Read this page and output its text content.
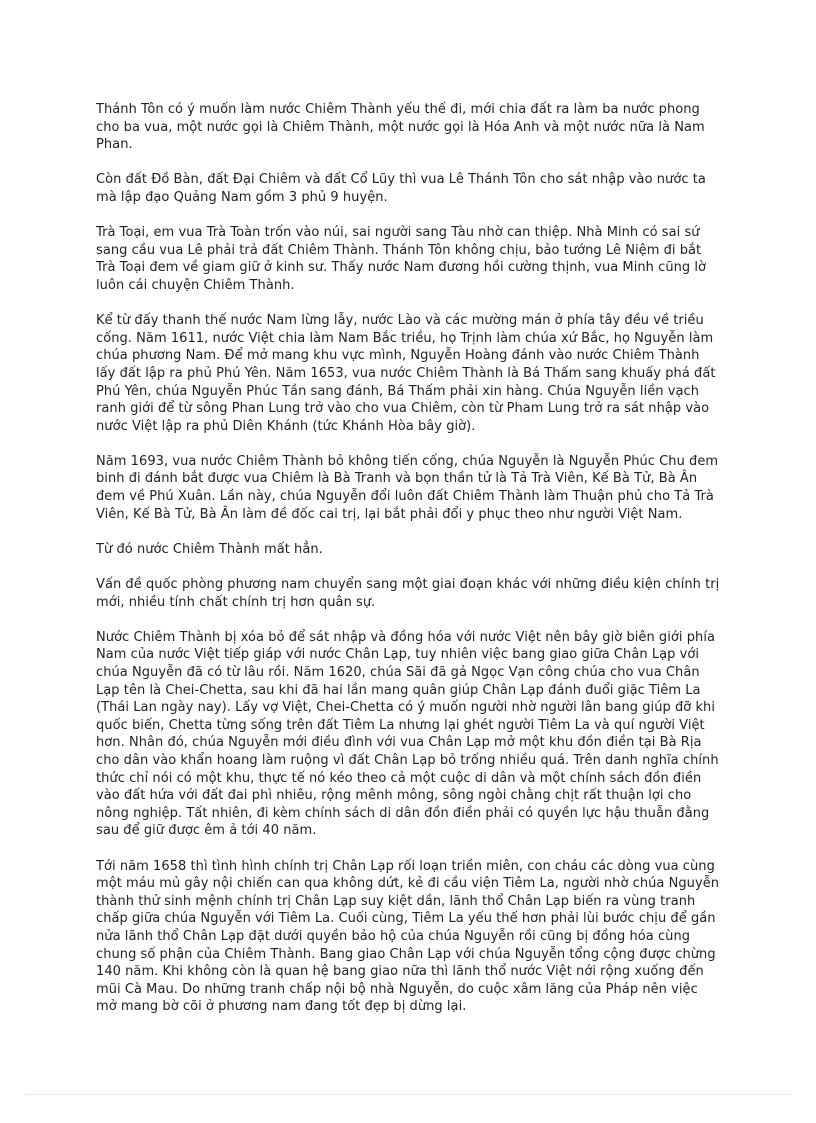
Thánh Tôn có ý muốn làm nước Chiêm Thành yếu thế đi, mới chia đất ra làm ba nước phong cho ba vua, một nước gọi là Chiêm Thành, một nước gọi là Hóa Anh và một nước nữa là Nam Phan.

Còn đất Đồ Bàn, đất Đại Chiêm và đất Cổ Lũy thì vua Lê Thánh Tôn cho sát nhập vào nước ta mà lập đạo Quảng Nam gồm 3 phủ 9 huyện.

Trà Toại, em vua Trà Toàn trốn vào núi, sai người sang Tàu nhờ can thiệp. Nhà Minh có sai sứ sang cầu vua Lê phải trả đất Chiêm Thành. Thánh Tôn không chịu, bảo tướng Lê Niệm đi bắt Trà Toại đem về giam giữ ở kinh sư. Thấy nước Nam đương hồi cường thịnh, vua Minh cũng lờ luôn cái chuyện Chiêm Thành.

Kể từ đấy thanh thế nước Nam lừng lẫy, nước Lào và các mường mán ở phía tây đều về triều cống. Năm 1611, nước Việt chia làm Nam Bắc triều, họ Trịnh làm chúa xứ Bắc, họ Nguyễn làm chúa phương Nam. Để mở mang khu vực mình, Nguyễn Hoàng đánh vào nước Chiêm Thành lấy đất lập ra phủ Phú Yên. Năm 1653, vua nước Chiêm Thành là Bá Thấm sang khuấy phá đất Phú Yên, chúa Nguyễn Phúc Tần sang đánh, Bá Thấm phải xin hàng. Chúa Nguyễn liền vạch ranh giới để từ sông Phan Lung trở vào cho vua Chiêm, còn từ Pham Lung trở ra sát nhập vào nước Việt lập ra phủ Diên Khánh (tức Khánh Hòa bây giờ).

Năm 1693, vua nước Chiêm Thành bỏ không tiến cống, chúa Nguyễn là Nguyễn Phúc Chu đem binh đi đánh bắt được vua Chiêm là Bà Tranh và bọn thần tử là Tả Trà Viên, Kế Bà Tử, Bà Ân đem về Phú Xuân. Lần này, chúa Nguyễn đổi luôn đất Chiêm Thành làm Thuận phủ cho Tả Trà Viên, Kế Bà Tử, Bà Ân làm đề đốc cai trị, lại bắt phải đổi y phục theo như người Việt Nam.

Từ đó nước Chiêm Thành mất hẳn.

Vấn đề quốc phòng phương nam chuyển sang một giai đoạn khác với những điều kiện chính trị mới, nhiều tính chất chính trị hơn quân sự.

Nước Chiêm Thành bị xóa bỏ để sát nhập và đồng hóa với nước Việt nên bây giờ biên giới phía Nam của nước Việt tiếp giáp với nước Chân Lạp, tuy nhiên việc bang giao giữa Chân Lạp với chúa Nguyễn đã có từ lâu rồi. Năm 1620, chúa Sãi đã gả Ngọc Vạn công chúa cho vua Chân Lạp tên là Chei-Chetta, sau khi đã hai lần mang quân giúp Chân Lạp đánh đuổi giặc Tiêm La (Thái Lan ngày nay). Lấy vợ Việt, Chei-Chetta có ý muốn người nhờ người lân bang giúp đỡ khi quốc biến, Chetta từng sống trên đất Tiêm La nhưng lại ghét người Tiêm La và quí người Việt hơn. Nhân đó, chúa Nguyễn mới điều đình với vua Chân Lạp mở một khu đồn điền tại Bà Rịa cho dân vào khẩn hoang làm ruộng vì đất Chân Lạp bỏ trống nhiều quá. Trên danh nghĩa chính thức chỉ nói có một khu, thực tế nó kéo theo cả một cuộc di dân và một chính sách đồn điền vào đất hứa với đất đai phì nhiêu, rộng mênh mông, sông ngòi chằng chịt rất thuận lợi cho nông nghiệp. Tất nhiên, đi kèm chính sách di dân đồn điền phải có quyền lực hậu thuẫn đằng sau để giữ được êm ả tới 40 năm.

Tới năm 1658 thì tình hình chính trị Chân Lạp rối loạn triền miên, con cháu các dòng vua cùng một máu mủ gây nội chiến can qua không dứt, kẻ đi cầu viện Tiêm La, người nhờ chúa Nguyễn thành thử sinh mệnh chính trị Chân Lạp suy kiệt dần, lãnh thổ Chân Lạp biến ra vùng tranh chấp giữa chúa Nguyễn với Tiêm La. Cuối cùng, Tiêm La yếu thế hơn phải lùi bước chịu để gần nửa lãnh thổ Chân Lạp đặt dưới quyền bảo hộ của chúa Nguyễn rồi cũng bị đồng hóa cùng chung số phận của Chiêm Thành. Bang giao Chân Lạp với chúa Nguyễn tổng cộng được chừng 140 năm. Khi không còn là quan hệ bang giao nữa thì lãnh thổ nước Việt nới rộng xuống đến mũi Cà Mau. Do những tranh chấp nội bộ nhà Nguyễn, do cuộc xâm lăng của Pháp nên việc mở mang bờ cõi ở phương nam đang tốt đẹp bị dừng lại.
